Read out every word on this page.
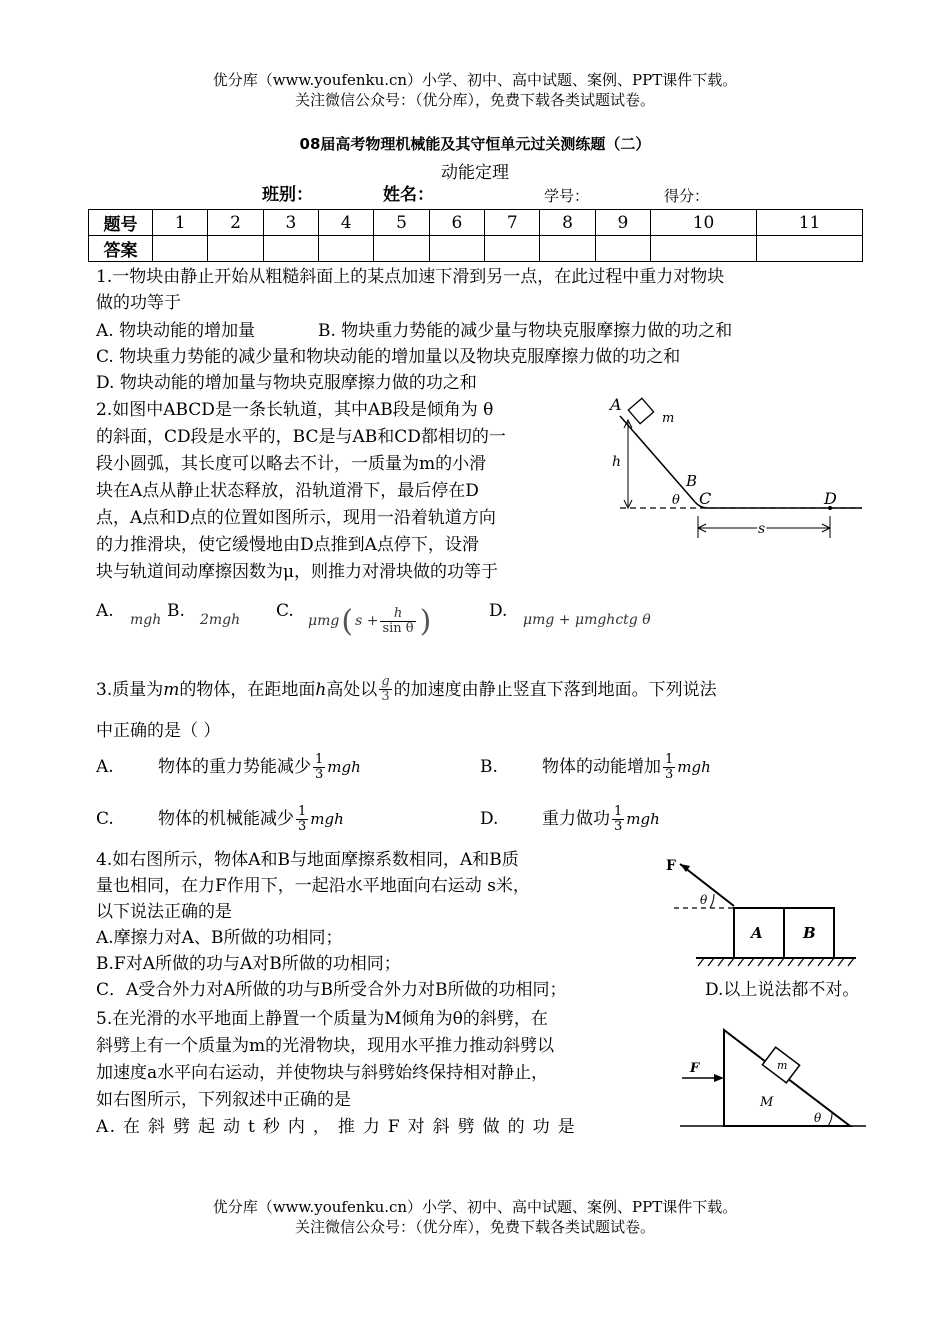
优分库（www.youfenku.cn）小学、初中、高中试题、案例、PPT课件下载。
关注微信公众号：（优分库），免费下载各类试题试卷。
08届高考物理机械能及其守恒单元过关测练题（二）
动能定理
班别：	姓名：	学号：	得分：
题号	1	2	3	4	5	6	7	8	9	10	11
答案											
1.一物块由静止开始从粗糙斜面上的某点加速下滑到另一点，在此过程中重力对物块
做的功等于
A. 物块动能的增加量	B. 物块重力势能的减少量与物块克服摩擦力做的功之和
C. 物块重力势能的减少量和物块动能的增加量以及物块克服摩擦力做的功之和
D. 物块动能的增加量与物块克服摩擦力做的功之和
2.如图中ABCD是一条长轨道，其中AB段是倾角为 θ
的斜面，CD段是水平的，BC是与AB和CD都相切的一
段小圆弧，其长度可以略去不计，一质量为m的小滑
块在A点从静止状态释放，沿轨道滑下，最后停在D
点，A点和D点的位置如图所示，现用一沿着轨道方向
的力推滑块，使它缓慢地由D点推到A点停下，设滑
块与轨道间动摩擦因数为μ，则推力对滑块做的功等于
A
m
h
B
θ C	D
s
A. mgh B. 2mgh C. μmg ( $s + \frac{h}{\text{sin θ}}$ )	D. μmg + μmghctg θ
3.质量为 m 的物体，在距地面 h 高处以 $\frac{g}{3}$ 的加速度由静止竖直下落到地面。下列说法
中正确的是（ ）
A.	物体的重力势能减少 $\frac{1}{3}$ mgh	B.	物体的动能增加 $\frac{1}{3}$ mgh
C.	物体的机械能减少 $\frac{1}{3}$ mgh	D.	重力做功 $\frac{1}{3}$ mgh
4.如右图所示，物体A和B与地面摩擦系数相同，A和B质
量也相同，在力F作用下，一起沿水平地面向右运动 s米，
以下说法正确的是
A.摩擦力对A、B所做的功相同；
B.F对A所做的功与A对B所做的功相同；
C．A受合外力对A所做的功与B所受合外力对B所做的功相同；	D.以上说法都不对。
F
θ
A	B
5.在光滑的水平地面上静置一个质量为M倾角为θ的斜劈，在
斜劈上有一个质量为m的光滑物块，现用水平推力推动斜劈以
加速度a水平向右运动，并使物块与斜劈始终保持相对静止，
如右图所示，下列叙述中正确的是
A. 在 斜 劈 起 动 t 秒 内 ， 推 力 F 对 斜 劈 做 的 功 是
F
M
m
θ
优分库（www.youfenku.cn）小学、初中、高中试题、案例、PPT课件下载。
关注微信公众号：（优分库），免费下载各类试题试卷。
